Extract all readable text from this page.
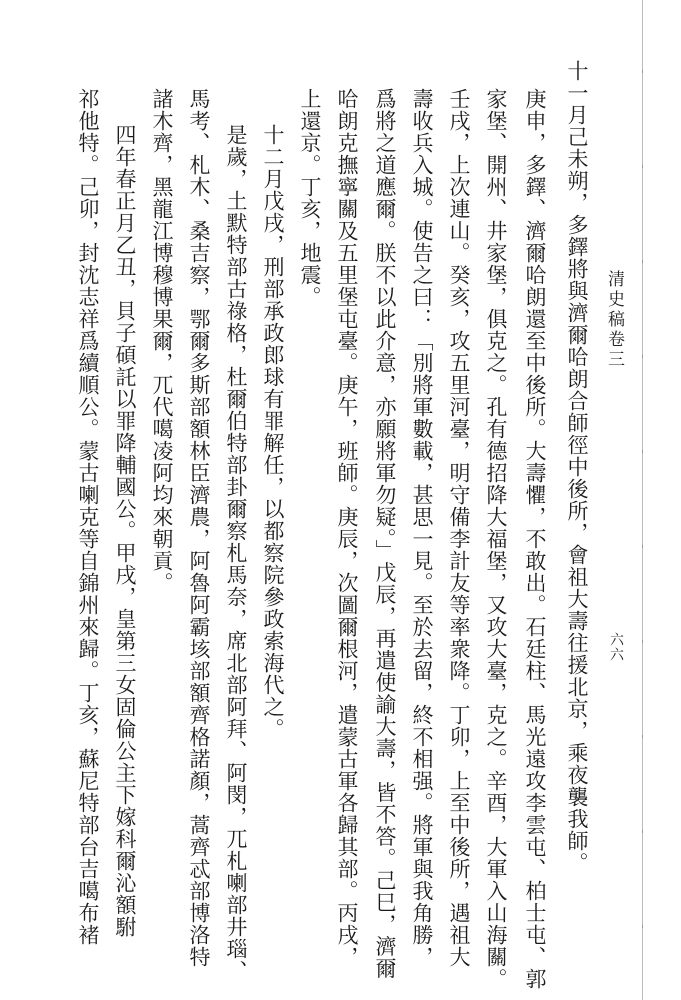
清史稿卷三
六六
十一月己未朔，多鐸將與濟爾哈朗合師徑中後所，會祖大壽往援北京，乘夜襲我師。
庚申，多鐸、濟爾哈朗還至中後所。大壽懼，不敢出。石廷柱、馬光遠攻李雲屯、柏士屯、郭
家堡、開州、井家堡，俱克之。孔有德招降大福堡，又攻大臺，克之。辛酉，大軍入山海關。
壬戌，上次連山。癸亥，攻五里河臺，明守備李計友等率衆降。丁卯，上至中後所，遇祖大
壽收兵入城。使告之曰：「別將軍數載，甚思一見。至於去留，終不相强。將軍與我角勝，
爲將之道應爾。朕不以此介意，亦願將軍勿疑。」戊辰，再遣使諭大壽，皆不答。己巳，濟爾
哈朗克撫寧關及五里堡屯臺。庚午，班師。庚辰，次圖爾根河，遣蒙古軍各歸其部。丙戌，
上還京。丁亥，地震。
十二月戊戌，刑部承政郎球有罪解任，以都察院參政索海代之。
是歲，土默特部古祿格，杜爾伯特部卦爾察札馬奈，席北部阿拜、阿閔，兀札喇部井瑙、
馬考、札木、桑吉察，鄂爾多斯部額林臣濟農，阿魯阿霸垓部額齊格諾顏，蒿齊忒部博洛特
諸木齊，黑龍江博穆博果爾，兀代噶凌阿均來朝貢。
四年春正月乙丑，貝子碩託以罪降輔國公。甲戌，皇第三女固倫公主下嫁科爾沁額駙
祁他特。己卯，封沈志祥爲續順公。蒙古喇克等自錦州來歸。丁亥，蘇尼特部台吉噶布褚
